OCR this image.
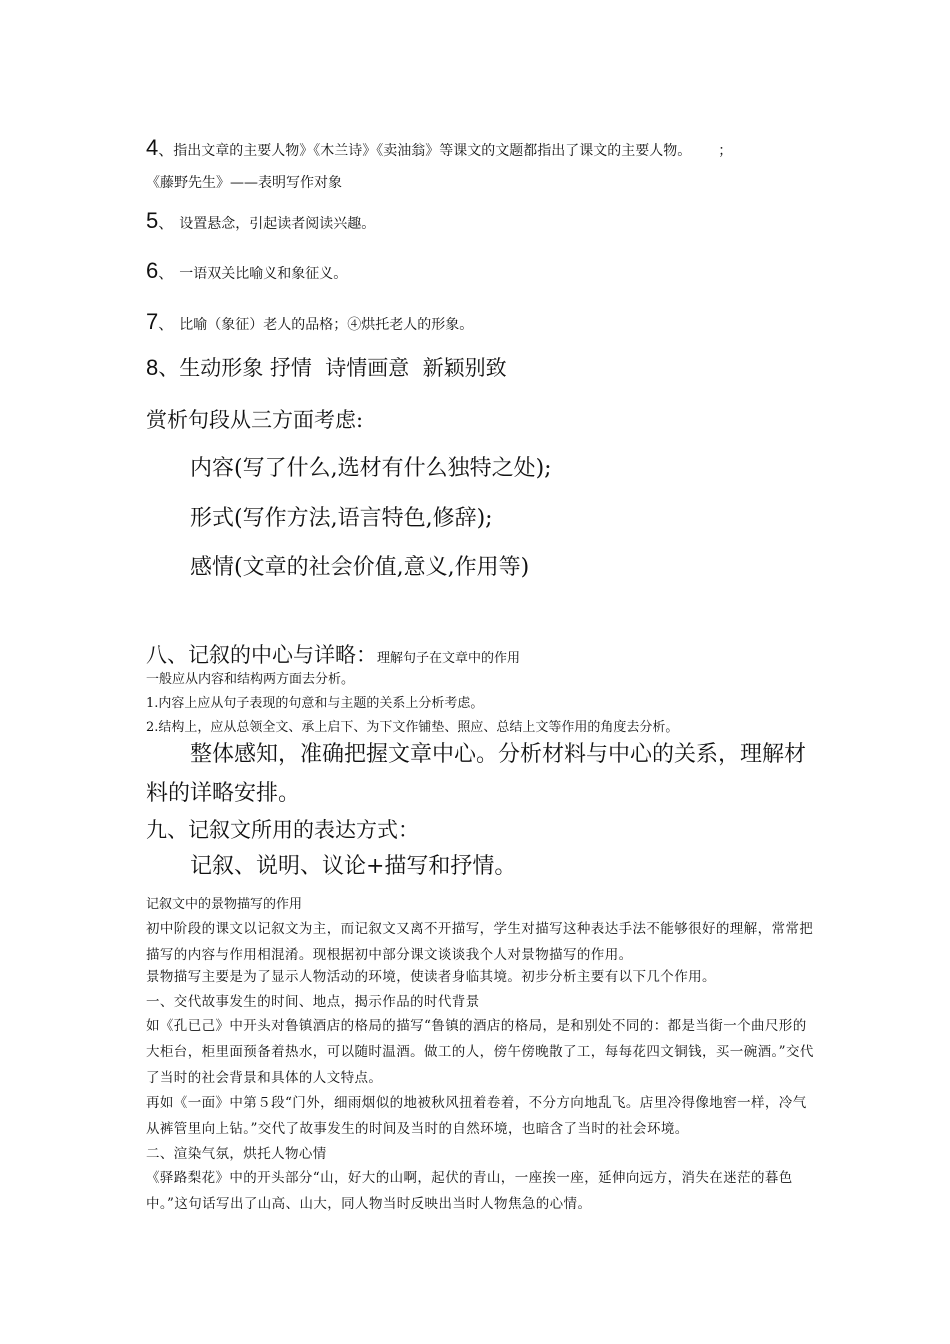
4、指出文章的主要人物》《木兰诗》《卖油翁》等课文的文题都指出了课文的主要人物。 ；
《藤野先生》——表明写作对象
5、 设置悬念，引起读者阅读兴趣。
6、 一语双关比喻义和象征义。
7、 比喻（象征）老人的品格；④烘托老人的形象。
8、生动形象 抒情  诗情画意  新颖别致
赏析句段从三方面考虑:
内容(写了什么,选材有什么独特之处);
形式(写作方法,语言特色,修辞);
感情(文章的社会价值,意义,作用等)
八、记叙的中心与详略：理解句子在文章中的作用
一般应从内容和结构两方面去分析。
1.内容上应从句子表现的句意和与主题的关系上分析考虑。
2.结构上，应从总领全文、承上启下、为下文作铺垫、照应、总结上文等作用的角度去分析。
整体感知，准确把握文章中心。分析材料与中心的关系，理解材
料的详略安排。
九、记叙文所用的表达方式：
记叙、说明、议论+描写和抒情。
记叙文中的景物描写的作用
初中阶段的课文以记叙文为主，而记叙文又离不开描写，学生对描写这种表达手法不能够很好的理解，常常把描写的内容与作用相混淆。现根据初中部分课文谈谈我个人对景物描写的作用。
景物描写主要是为了显示人物活动的环境，使读者身临其境。初步分析主要有以下几个作用。
一、交代故事发生的时间、地点，揭示作品的时代背景
如《孔已己》中开头对鲁镇酒店的格局的描写“鲁镇的酒店的格局，是和别处不同的：都是当街一个曲尺形的大柜台，柜里面预备着热水，可以随时温酒。做工的人，傍午傍晚散了工，每每花四文铜钱，买一碗酒。”交代了当时的社会背景和具体的人文特点。
再如《一面》中第５段“门外，细雨烟似的地被秋风扭着卷着，不分方向地乱飞。店里冷得像地窖一样，冷气从裤管里向上钻。”交代了故事发生的时间及当时的自然环境，也暗含了当时的社会环境。
二、渲染气氛，烘托人物心情
《驿路梨花》中的开头部分“山，好大的山啊，起伏的青山，一座挨一座，延伸向远方，消失在迷茫的暮色中。”这句话写出了山高、山大，同人物当时反映出当时人物焦急的心情。
